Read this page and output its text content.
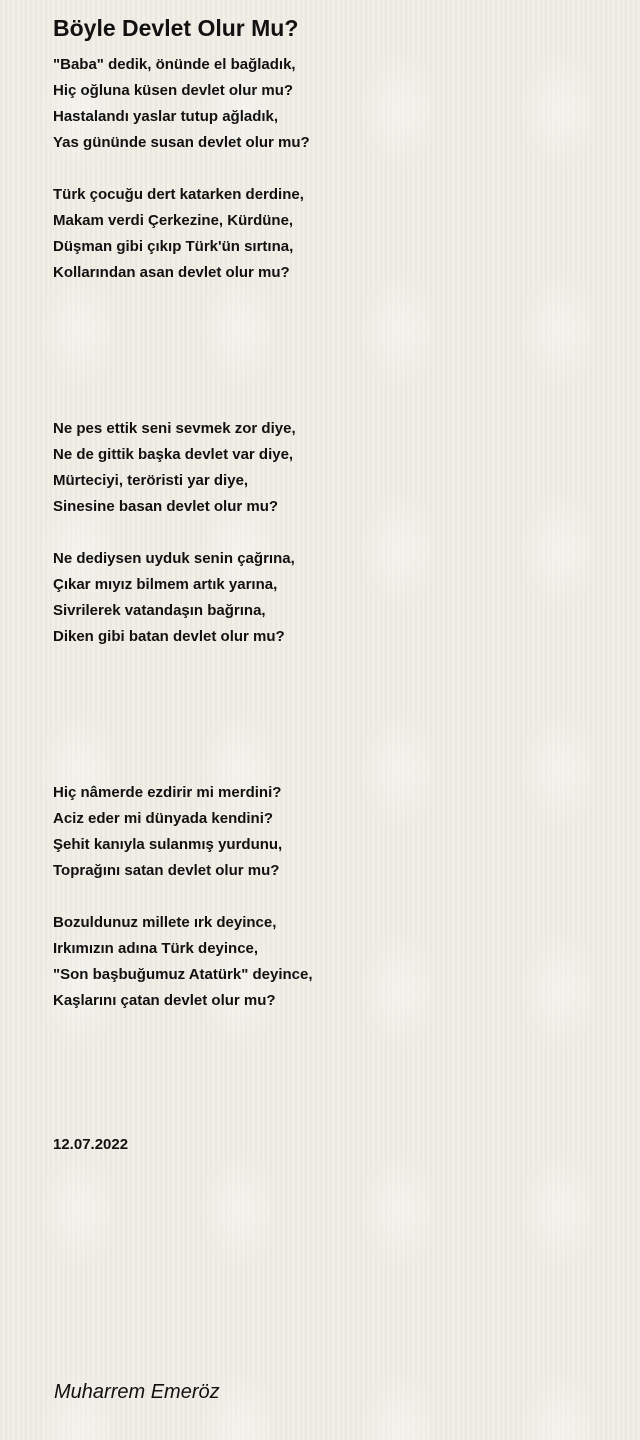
Böyle Devlet Olur Mu?
"Baba" dedik, önünde el bağladık,
Hiç oğluna küsen devlet olur mu?
Hastalandı yaslar tutup ağladık,
Yas gününde susan devlet olur mu?
Türk çocuğu dert katarken derdine,
Makam verdi Çerkezine, Kürdüne,
Düşman gibi çıkıp Türk'ün sırtına,
Kollarından asan devlet olur mu?
Ne pes ettik seni sevmek zor diye,
Ne de gittik başka devlet var diye,
Mürteciyi, teröristi yar diye,
Sinesine basan devlet olur mu?
Ne dediysen uyduk senin çağrına,
Çıkar mıyız bilmem artık yarına,
Sivrilerek vatandaşın bağrına,
Diken gibi batan devlet olur mu?
Hiç nâmerde ezdirir mi merdini?
Aciz eder mi dünyada kendini?
Şehit kanıyla sulanmış yurdunu,
Toprağını satan devlet olur mu?
Bozuldunuz millete ırk deyince,
Irkımızın adına Türk deyince,
"Son başbuğumuz Atatürk" deyince,
Kaşlarını çatan devlet olur mu?
12.07.2022
Muharrem Emeröz
